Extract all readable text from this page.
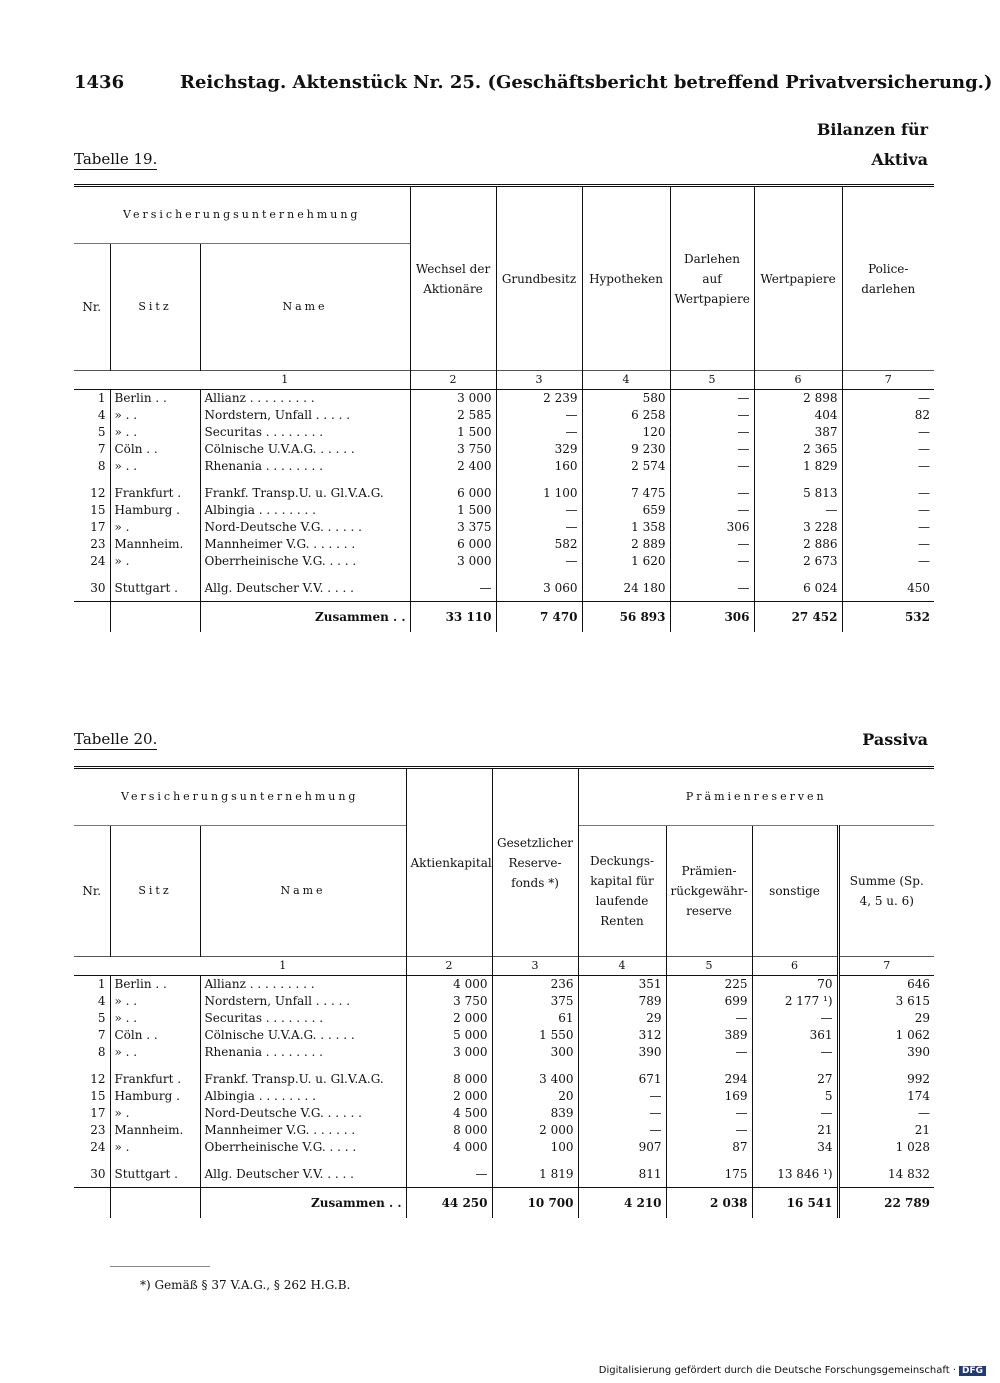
1436	Reichstag. Aktenstück Nr. 25. (Geschäftsbericht betreffend Privatversicherung.)
Bilanzen für
Tabelle 19.	Aktiva
Versicherungsunternehmung			Wechsel der Aktionäre	Grundbesitz	Hypotheken	Darlehen auf Wertpapiere	Wertpapiere	Police-darlehen
Nr.	Sitz	Name						
1			2	3	4	5	6	7
1	Berlin . .	Allianz . . . . . . . . .	3 000	2 239	580	—	2 898	—
4	» . .	Nordstern, Unfall . . . . .	2 585	—	6 258	—	404	82
5	» . .	Securitas . . . . . . . .	1 500	—	120	—	387	—
7	Cöln . .	Cölnische U.V.A.G. . . . . .	3 750	329	9 230	—	2 365	—
8	» . .	Rhenania . . . . . . . .	2 400	160	2 574	—	1 829	—

12	Frankfurt .	Frankf. Transp.U. u. Gl.V.A.G.	6 000	1 100	7 475	—	5 813	—
15	Hamburg .	Albingia . . . . . . . .	1 500	—	659	—	—	—
17	» .	Nord-Deutsche V.G. . . . . .	3 375	—	1 358	306	3 228	—
23	Mannheim.	Mannheimer V.G. . . . . . .	6 000	582	2 889	—	2 886	—
24	» .	Oberrheinische V.G. . . . .	3 000	—	1 620	—	2 673	—

30	Stuttgart .	Allg. Deutscher V.V. . . . .	—	3 060	24 180	—	6 024	450
		Zusammen . .	33 110	7 470	56 893	306	27 452	532
Tabelle 20.	Passiva
Versicherungsunternehmung			Aktienkapital	Gesetzlicher Reserve-fonds *)	Prämienreserven			
Nr.	Sitz	Name			Deckungs-kapital für laufende Renten	Prämien-rückgewähr-reserve	sonstige	Summe (Sp. 4, 5 u. 6)
1			2	3	4	5	6	7
1	Berlin . .	Allianz . . . . . . . . .	4 000	236	351	225	70	646
4	» . .	Nordstern, Unfall . . . . .	3 750	375	789	699	2 177 ¹)	3 615
5	» . .	Securitas . . . . . . . .	2 000	61	29	—	—	29
7	Cöln . .	Cölnische U.V.A.G. . . . . .	5 000	1 550	312	389	361	1 062
8	» . .	Rhenania . . . . . . . .	3 000	300	390	—	—	390

12	Frankfurt .	Frankf. Transp.U. u. Gl.V.A.G.	8 000	3 400	671	294	27	992
15	Hamburg .	Albingia . . . . . . . .	2 000	20	—	169	5	174
17	» .	Nord-Deutsche V.G. . . . . .	4 500	839	—	—	—	—
23	Mannheim.	Mannheimer V.G. . . . . . .	8 000	2 000	—	—	21	21
24	» .	Oberrheinische V.G. . . . .	4 000	100	907	87	34	1 028

30	Stuttgart .	Allg. Deutscher V.V. . . . .	—	1 819	811	175	13 846 ¹)	14 832
		Zusammen . .	44 250	10 700	4 210	2 038	16 541	22 789
*) Gemäß § 37 V.A.G., § 262 H.G.B.
Digitalisierung gefördert durch die Deutsche Forschungsgemeinschaft · DFG
